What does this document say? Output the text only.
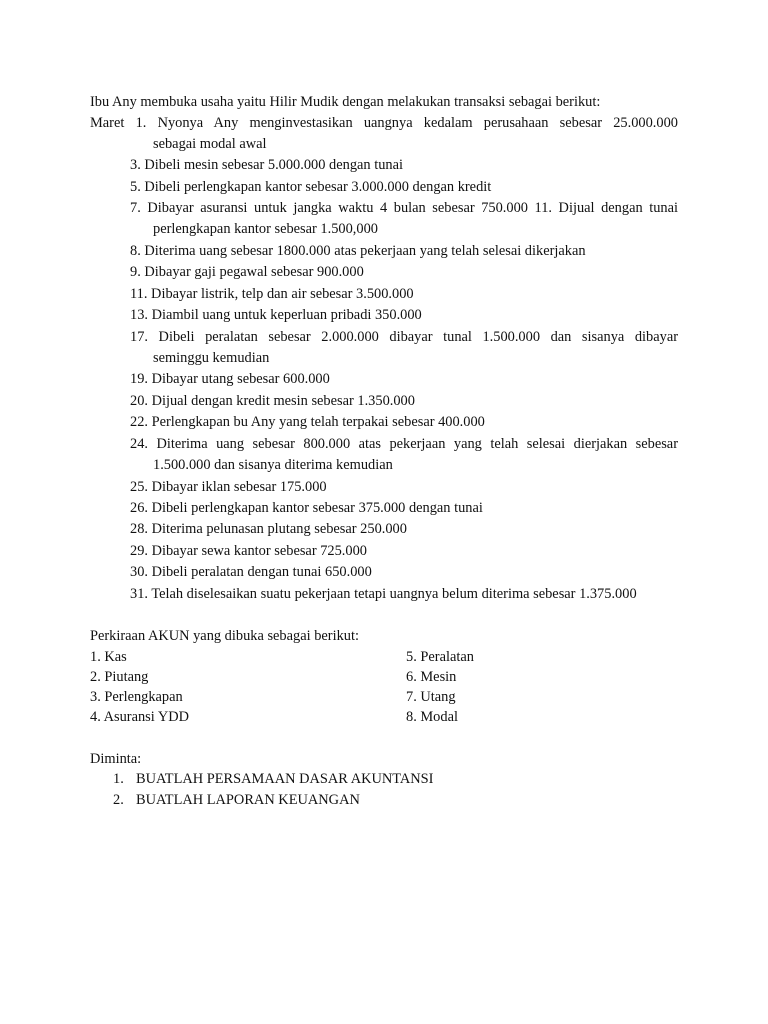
Ibu Any membuka usaha yaitu Hilir Mudik dengan melakukan transaksi sebagai berikut:
Maret 1. Nyonya Any menginvestasikan uangnya kedalam perusahaan sebesar 25.000.000
sebagai modal awal
3. Dibeli mesin sebesar 5.000.000 dengan tunai
5. Dibeli perlengkapan kantor sebesar 3.000.000 dengan kredit
7. Dibayar asuransi untuk jangka waktu 4 bulan sebesar 750.000 11. Dijual dengan tunai
perlengkapan kantor sebesar 1.500,000
8. Diterima uang sebesar 1800.000 atas pekerjaan yang telah selesai dikerjakan
9. Dibayar gaji pegawal sebesar 900.000
11. Dibayar listrik, telp dan air sebesar 3.500.000
13. Diambil uang untuk keperluan pribadi 350.000
17. Dibeli peralatan sebesar 2.000.000 dibayar tunal 1.500.000 dan sisanya dibayar
seminggu kemudian
19. Dibayar utang sebesar 600.000
20. Dijual dengan kredit mesin sebesar 1.350.000
22. Perlengkapan bu Any yang telah terpakai sebesar 400.000
24. Diterima uang sebesar 800.000 atas pekerjaan yang telah selesai dierjakan sebesar
1.500.000 dan sisanya diterima kemudian
25. Dibayar iklan sebesar 175.000
26. Dibeli perlengkapan kantor sebesar 375.000 dengan tunai
28. Diterima pelunasan plutang sebesar 250.000
29. Dibayar sewa kantor sebesar 725.000
30. Dibeli peralatan dengan tunai 650.000
31. Telah diselesaikan suatu pekerjaan tetapi uangnya belum diterima sebesar 1.375.000
Perkiraan AKUN yang dibuka sebagai berikut:
1. Kas
2. Piutang
3. Perlengkapan
4. Asuransi YDD
5. Peralatan
6. Mesin
7. Utang
8. Modal
Diminta:
1. BUATLAH PERSAMAAN DASAR AKUNTANSI
2. BUATLAH LAPORAN KEUANGAN
